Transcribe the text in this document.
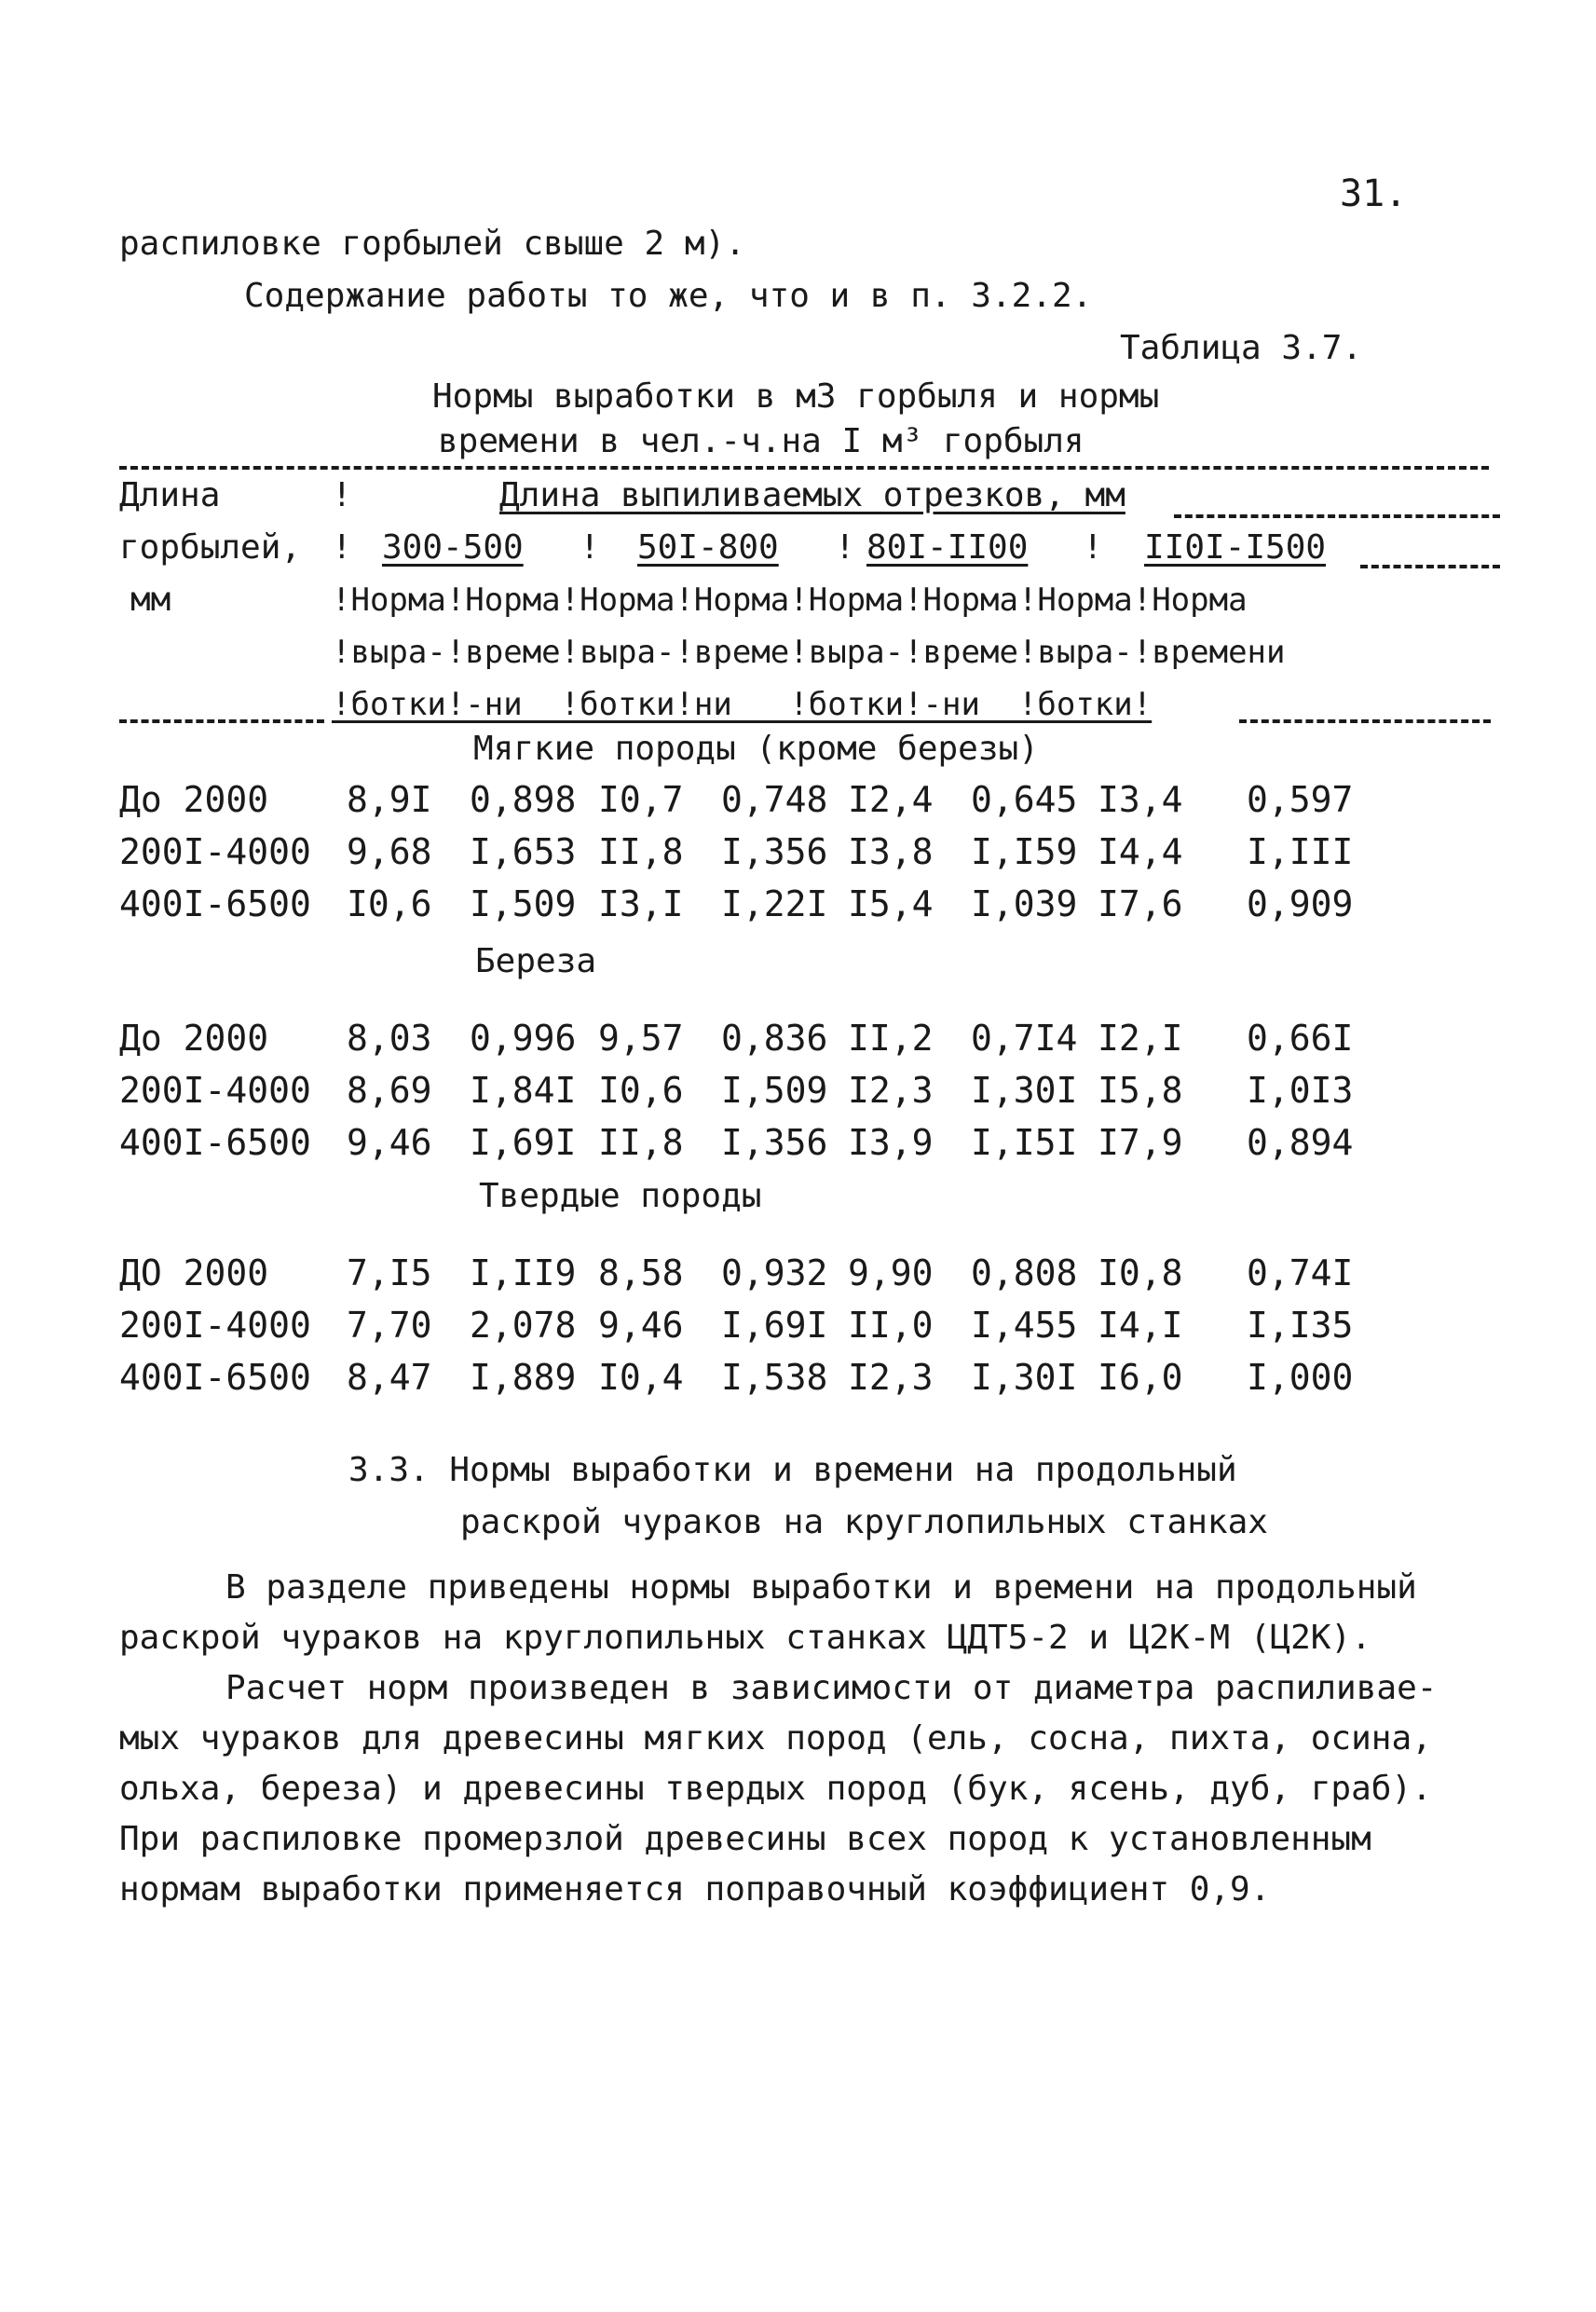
31.
распиловке горбылей свыше 2 м).
Содержание работы то же, что и в п. 3.2.2.
Таблица 3.7.
Нормы выработки в м3 горбыля и нормы
времени в чел.-ч.на I м³ горбыля
Длина
горбылей,
мм
!	Длина выпиливаемых отрезков, мм
! 300-500 ! 50I-800 ! 80I-II00 ! II0I-I500
!Норма!Норма!Норма!Норма!Норма!Норма!Норма!Норма
!выра-!време!выра-!време!выра-!време!выра-!времени
!ботки!-ни  !ботки!ни   !ботки!-ни  !ботки!
Мягкие породы (кроме березы)
До 2000 8,9I 0,898 I0,7 0,748 I2,4 0,645 I3,4 0,597
200I-4000 9,68 I,653 II,8 I,356 I3,8 I,I59 I4,4 I,III
400I-6500 I0,6 I,509 I3,I I,22I I5,4 I,039 I7,6 0,909
Береза
До 2000 8,03 0,996 9,57 0,836 II,2 0,7I4 I2,I 0,66I
200I-4000 8,69 I,84I I0,6 I,509 I2,3 I,30I I5,8 I,0I3
400I-6500 9,46 I,69I II,8 I,356 I3,9 I,I5I I7,9 0,894
Твердые породы
ДО 2000 7,I5 I,II9 8,58 0,932 9,90 0,808 I0,8 0,74I
200I-4000 7,70 2,078 9,46 I,69I II,0 I,455 I4,I I,I35
400I-6500 8,47 I,889 I0,4 I,538 I2,3 I,30I I6,0 I,000
3.3. Нормы выработки и времени на продольный
раскрой чураков на круглопильных станках
В разделе приведены нормы выработки и времени на продольный
раскрой чураков на круглопильных станках ЦДТ5-2 и Ц2К-М (Ц2К).
Расчет норм произведен в зависимости от диаметра распиливае-
мых чураков для древесины мягких пород (ель, сосна, пихта, осина,
ольха, береза) и древесины твердых пород (бук, ясень, дуб, граб).
При распиловке промерзлой древесины всех пород к установленным
нормам выработки применяется поправочный коэффициент 0,9.
